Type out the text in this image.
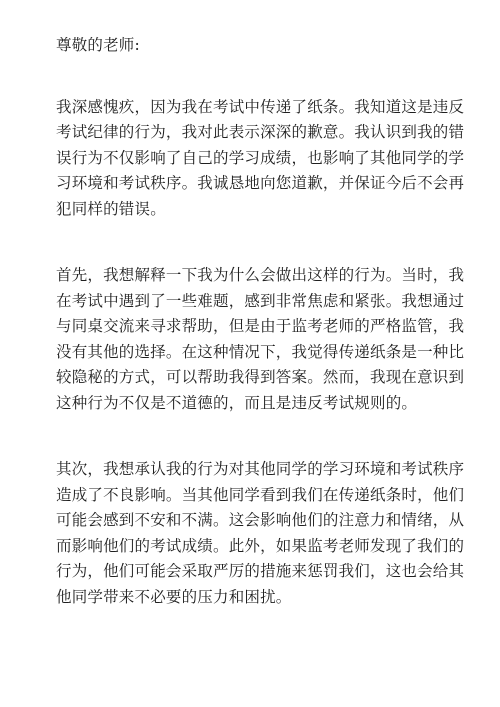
尊敬的老师:
我深感愧疚，因为我在考试中传递了纸条。我知道这是违反考试纪律的行为，我对此表示深深的歉意。我认识到我的错误行为不仅影响了自己的学习成绩，也影响了其他同学的学习环境和考试秩序。我诚恳地向您道歉，并保证今后不会再犯同样的错误。
首先，我想解释一下我为什么会做出这样的行为。当时，我在考试中遇到了一些难题，感到非常焦虑和紧张。我想通过与同桌交流来寻求帮助，但是由于监考老师的严格监管，我没有其他的选择。在这种情况下，我觉得传递纸条是一种比较隐秘的方式，可以帮助我得到答案。然而，我现在意识到这种行为不仅是不道德的，而且是违反考试规则的。
其次，我想承认我的行为对其他同学的学习环境和考试秩序造成了不良影响。当其他同学看到我们在传递纸条时，他们可能会感到不安和不满。这会影响他们的注意力和情绪，从而影响他们的考试成绩。此外，如果监考老师发现了我们的行为，他们可能会采取严厉的措施来惩罚我们，这也会给其他同学带来不必要的压力和困扰。
